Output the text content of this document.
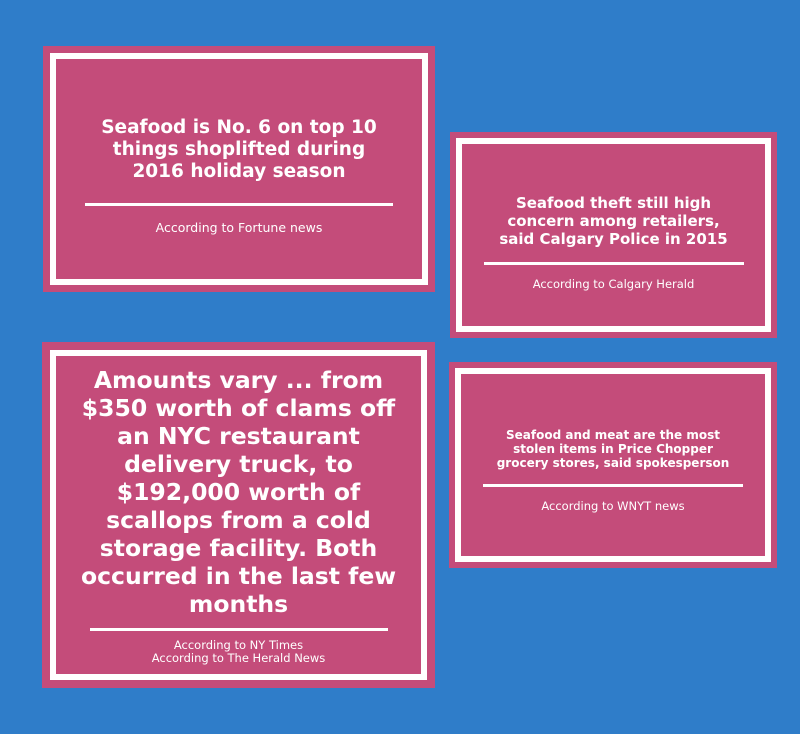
Seafood is No. 6 on top 10
things shoplifted during
2016 holiday season

According to Fortune news

Seafood theft still high
concern among retailers,
said Calgary Police in 2015

According to Calgary Herald

Amounts vary ... from
$350 worth of clams off
an NYC restaurant
delivery truck, to
$192,000 worth of
scallops from a cold
storage facility. Both
occurred in the last few
months

According to NY Times
According to The Herald News

Seafood and meat are the most
stolen items in Price Chopper
grocery stores, said spokesperson

According to WNYT news
